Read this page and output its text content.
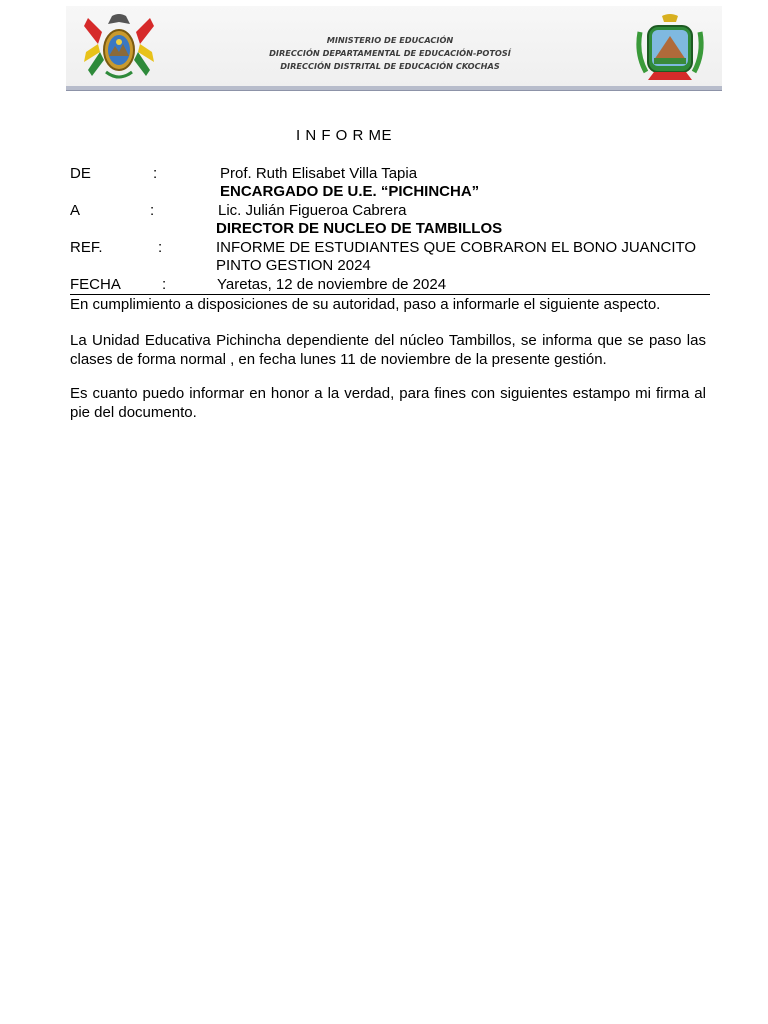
MINISTERIO DE EDUCACIÓN
DIRECCIÓN DEPARTAMENTAL DE EDUCACIÓN-POTOSÍ
DIRECCIÓN DISTRITAL DE EDUCACIÓN CKOCHAS
I N F O R ME
DE	:	Prof. Ruth Elisabet Villa Tapia
ENCARGADO DE U.E. “PICHINCHA”
A	:	Lic. Julián Figueroa Cabrera
DIRECTOR DE NUCLEO DE TAMBILLOS
REF.	:	INFORME DE ESTUDIANTES QUE COBRARON EL BONO JUANCITO
PINTO GESTION 2024
FECHA	:	Yaretas, 12 de noviembre de 2024
En cumplimiento a disposiciones de su autoridad, paso a informarle el siguiente aspecto.
La Unidad Educativa Pichincha dependiente del núcleo Tambillos, se informa que se paso las clases de forma normal , en fecha lunes 11 de noviembre de la presente gestión.
Es cuanto puedo informar en honor a la verdad, para fines con siguientes estampo mi firma al pie del documento.
